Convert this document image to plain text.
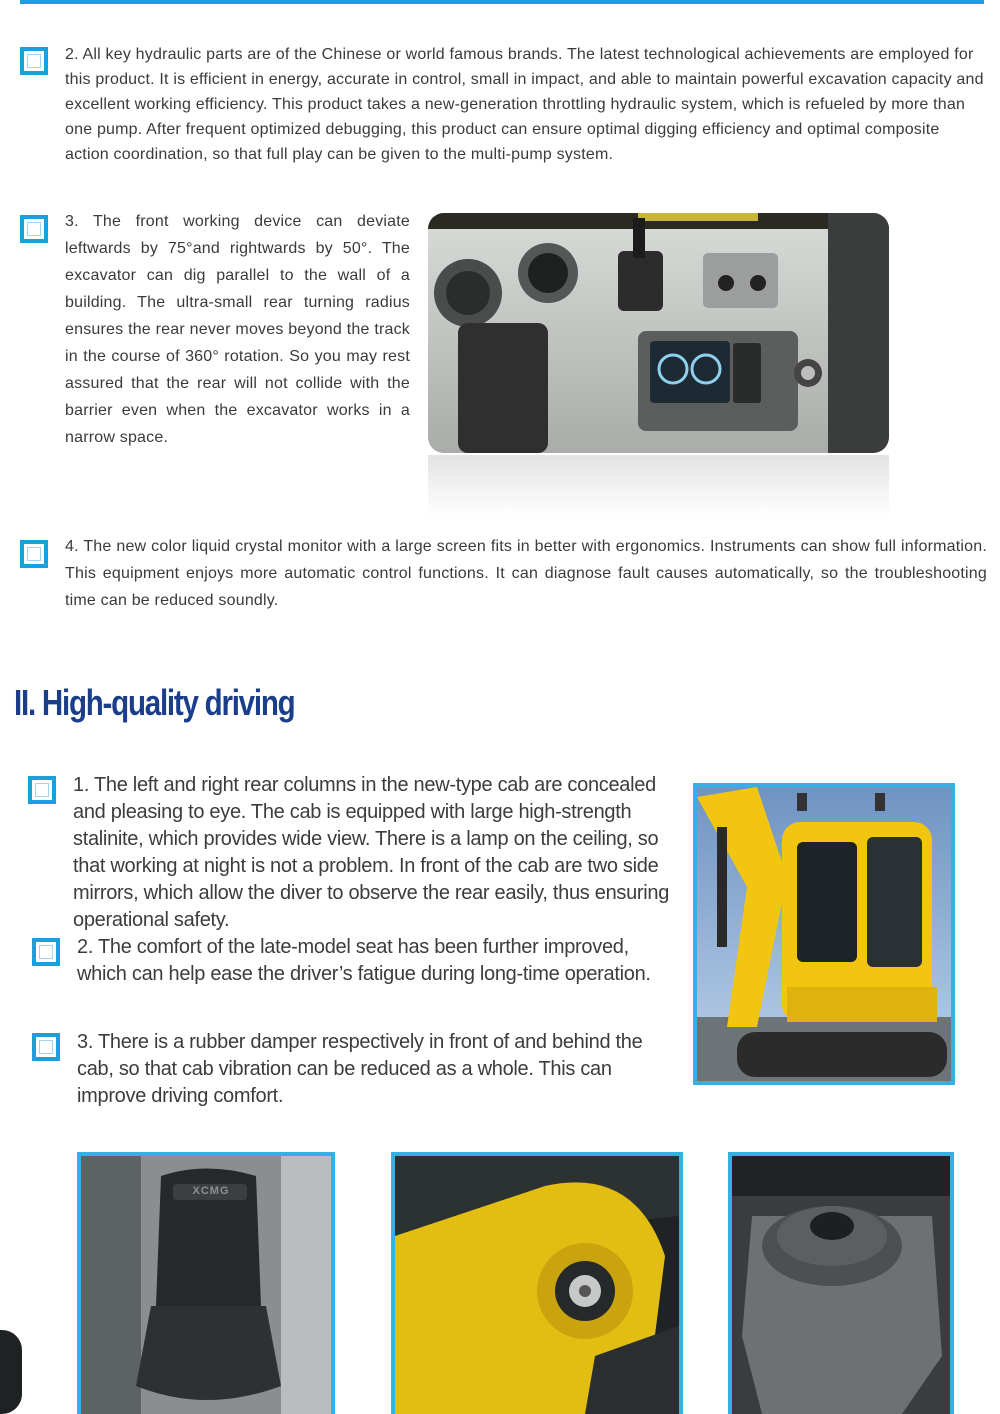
2. All key hydraulic parts are of the Chinese or world famous brands. The latest technological achievements are employed for this product. It is efficient in energy, accurate in control, small in impact, and able to maintain powerful excavation capacity and excellent working efficiency. This product takes a new-generation throttling hydraulic system, which is refueled by more than one pump. After frequent optimized debugging, this product can ensure optimal digging efficiency and optimal composite action coordination, so that full play can be given to the multi-pump system.

3. The front working device can deviate leftwards by 75°and rightwards by 50°. The excavator can dig parallel to the wall of a building. The ultra-small rear turning radius ensures the rear never moves beyond the track in the course of 360° rotation. So you may rest assured that the rear will not collide with the barrier even when the excavator works in a narrow space.

4. The new color liquid crystal monitor with a large screen fits in better with ergonomics. Instruments can show full information. This equipment enjoys more automatic control functions. It can diagnose fault causes automatically, so the troubleshooting time can be reduced soundly.

II. High-quality driving

1. The left and right rear columns in the new-type cab are concealed and pleasing to eye. The cab is equipped with large high-strength stalinite, which provides wide view. There is a lamp on the ceiling, so that working at night is not a problem. In front of the cab are two side mirrors, which allow the diver to observe the rear easily, thus ensuring operational safety.

2. The comfort of the late-model seat has been further improved, which can help ease the driver’s fatigue during long-time operation.

3. There is a rubber damper respectively in front of and behind the cab, so that cab vibration can be reduced as a whole. This can improve driving comfort.

XCMG
